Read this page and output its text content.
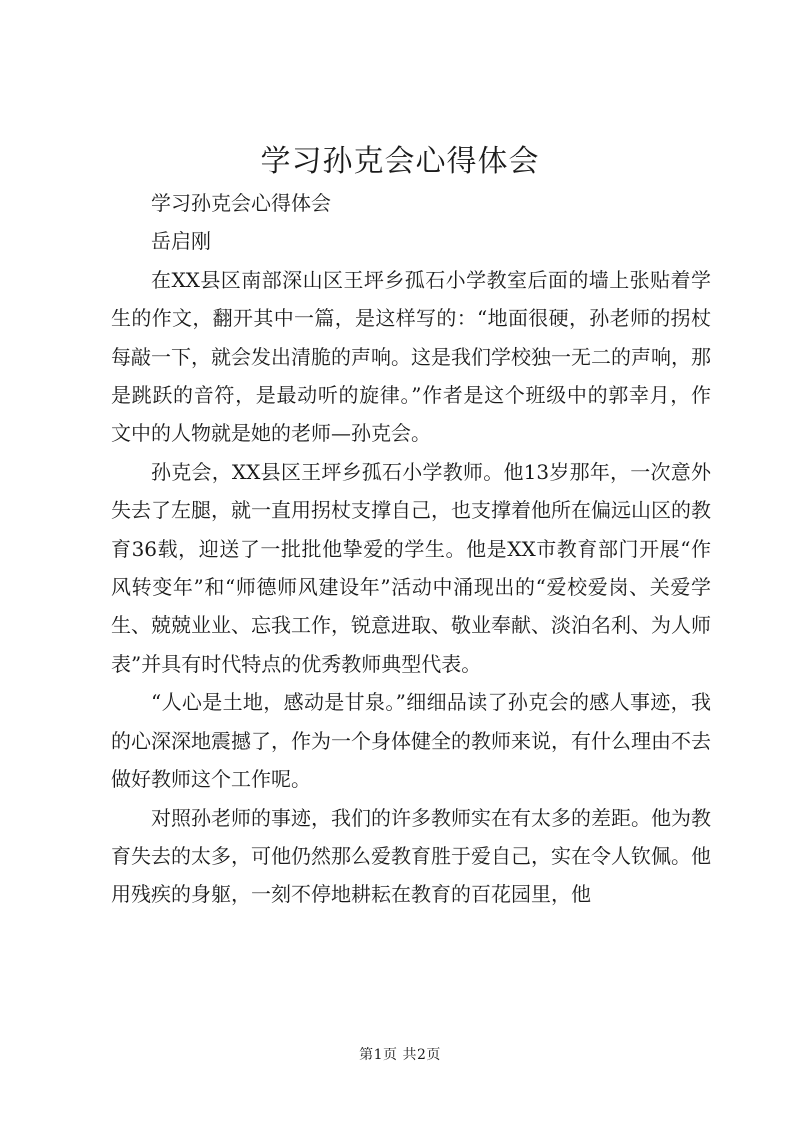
学习孙克会心得体会

学习孙克会心得体会

岳启刚

在XX县区南部深山区王坪乡孤石小学教室后面的墙上张贴着学生的作文，翻开其中一篇，是这样写的：“地面很硬，孙老师的拐杖每敲一下，就会发出清脆的声响。这是我们学校独一无二的声响，那是跳跃的音符，是最动听的旋律。”作者是这个班级中的郭幸月，作文中的人物就是她的老师—孙克会。

孙克会，XX县区王坪乡孤石小学教师。他13岁那年，一次意外失去了左腿，就一直用拐杖支撑自己，也支撑着他所在偏远山区的教育36载，迎送了一批批他挚爱的学生。他是XX市教育部门开展“作风转变年”和“师德师风建设年”活动中涌现出的“爱校爱岗、关爱学生、兢兢业业、忘我工作，锐意进取、敬业奉献、淡泊名利、为人师表”并具有时代特点的优秀教师典型代表。

“人心是土地，感动是甘泉。”细细品读了孙克会的感人事迹，我的心深深地震撼了，作为一个身体健全的教师来说，有什么理由不去做好教师这个工作呢。

对照孙老师的事迹，我们的许多教师实在有太多的差距。他为教育失去的太多，可他仍然那么爱教育胜于爱自己，实在令人钦佩。他用残疾的身躯，一刻不停地耕耘在教育的百花园里，他

第1页 共2页
